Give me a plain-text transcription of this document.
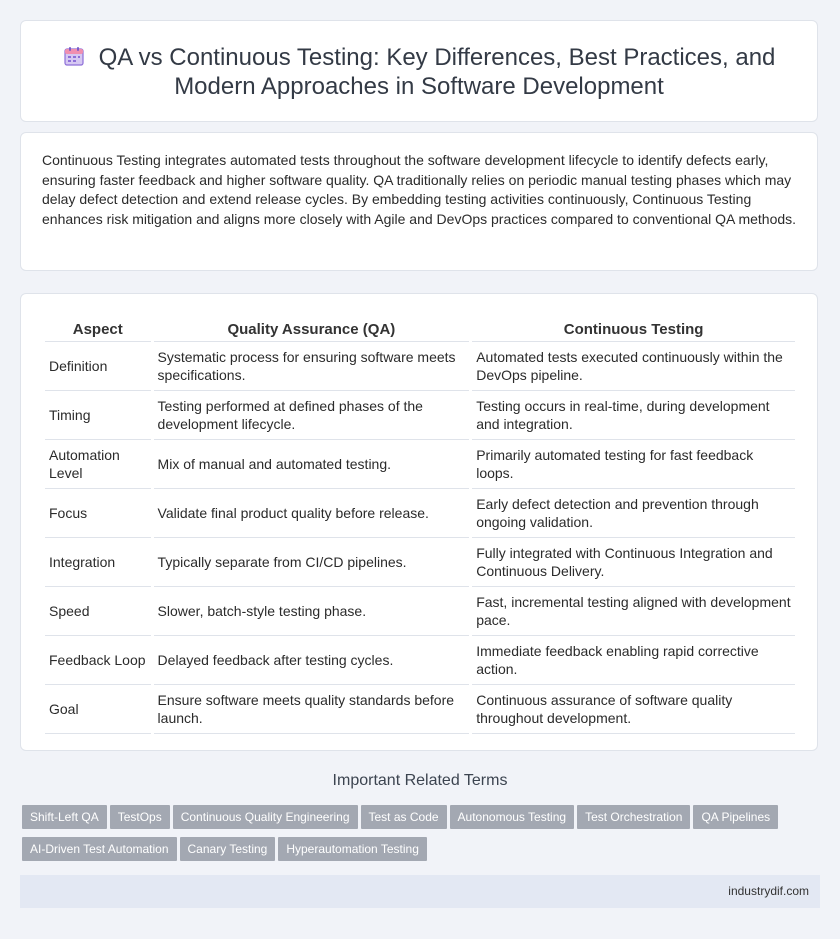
QA vs Continuous Testing: Key Differences, Best Practices, and Modern Approaches in Software Development

Continuous Testing integrates automated tests throughout the software development lifecycle to identify defects early, ensuring faster feedback and higher software quality. QA traditionally relies on periodic manual testing phases which may delay defect detection and extend release cycles. By embedding testing activities continuously, Continuous Testing enhances risk mitigation and aligns more closely with Agile and DevOps practices compared to conventional QA methods.

Aspect	Quality Assurance (QA)	Continuous Testing
Definition	Systematic process for ensuring software meets specifications.	Automated tests executed continuously within the DevOps pipeline.
Timing	Testing performed at defined phases of the development lifecycle.	Testing occurs in real-time, during development and integration.
Automation Level	Mix of manual and automated testing.	Primarily automated testing for fast feedback loops.
Focus	Validate final product quality before release.	Early defect detection and prevention through ongoing validation.
Integration	Typically separate from CI/CD pipelines.	Fully integrated with Continuous Integration and Continuous Delivery.
Speed	Slower, batch-style testing phase.	Fast, incremental testing aligned with development pace.
Feedback Loop	Delayed feedback after testing cycles.	Immediate feedback enabling rapid corrective action.
Goal	Ensure software meets quality standards before launch.	Continuous assurance of software quality throughout development.
Important Related Terms
Shift-Left QA TestOps Continuous Quality Engineering Test as Code Autonomous Testing Test Orchestration QA PipelinesAI-Driven Test Automation Canary Testing Hyperautomation Testing
industrydif.com
